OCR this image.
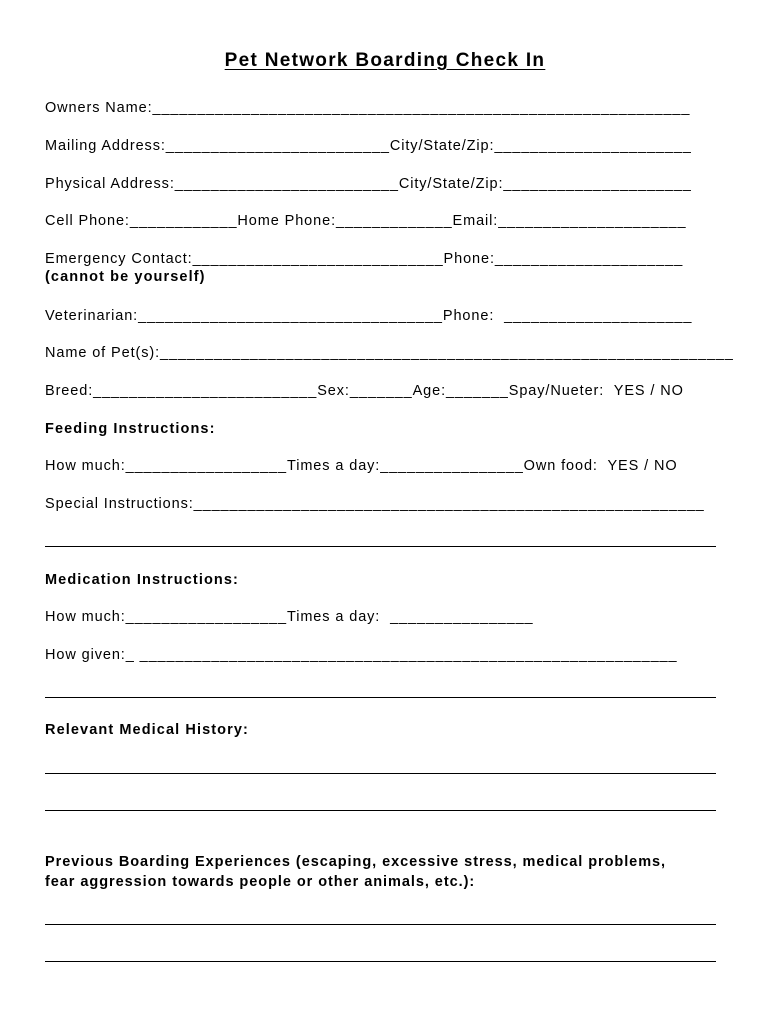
Pet Network Boarding Check In
Owners Name:____________________________________________________________
Mailing Address:_________________________City/State/Zip:______________________
Physical Address:_________________________City/State/Zip:_____________________
Cell Phone:____________Home Phone:_____________Email:_____________________
Emergency Contact:____________________________Phone:_____________________
(cannot be yourself)
Veterinarian:__________________________________Phone:  _____________________
Name of Pet(s):________________________________________________________________
Breed:_________________________Sex:_______Age:_______Spay/Nueter:  YES / NO
Feeding Instructions:
How much:__________________Times a day:________________Own food:  YES / NO
Special Instructions:_________________________________________________________
Medication Instructions:
How much:__________________Times a day:  ________________
How given:_ ____________________________________________________________
Relevant Medical History:
Previous Boarding Experiences (escaping, excessive stress, medical problems,
fear aggression towards people or other animals, etc.):
